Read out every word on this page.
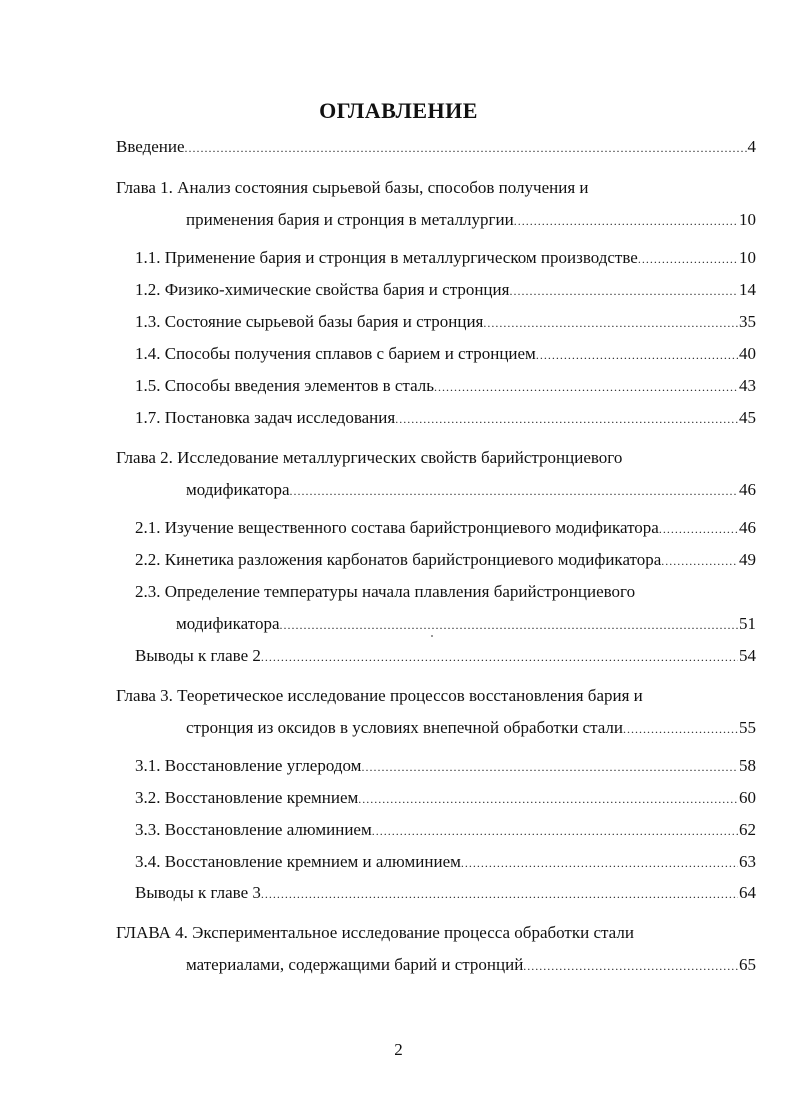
ОГЛАВЛЕНИЕ
Введение .....	4
Глава 1. Анализ состояния сырьевой базы, способов получения и
применения бария и стронция в металлургии .....	10
1.1. Применение бария и стронция в металлургическом производстве .....	10
1.2. Физико-химические свойства бария и стронция .....	14
1.3. Состояние сырьевой базы бария и стронция .....	35
1.4. Способы получения сплавов с барием и стронцием .....	40
1.5. Способы введения элементов в сталь .....	43
1.7. Постановка задач исследования .....	45
Глава 2. Исследование металлургических свойств барийстронциевого
модификатора .....	46
2.1. Изучение вещественного состава барийстронциевого модификатора .....	46
2.2. Кинетика разложения карбонатов барийстронциевого модификатора .....	49
2.3. Определение температуры начала плавления барийстронциевого
модификатора .....	51
Выводы к главе 2 .....	54
Глава 3. Теоретическое исследование процессов восстановления бария и
стронция из оксидов в условиях внепечной обработки стали .....	55
3.1. Восстановление углеродом .....	58
3.2. Восстановление кремнием .....	60
3.3. Восстановление алюминием .....	62
3.4. Восстановление кремнием и алюминием .....	63
Выводы к главе 3 .....	64
ГЛАВА 4. Экспериментальное исследование процесса обработки стали
материалами, содержащими барий и стронций .....	65
2
